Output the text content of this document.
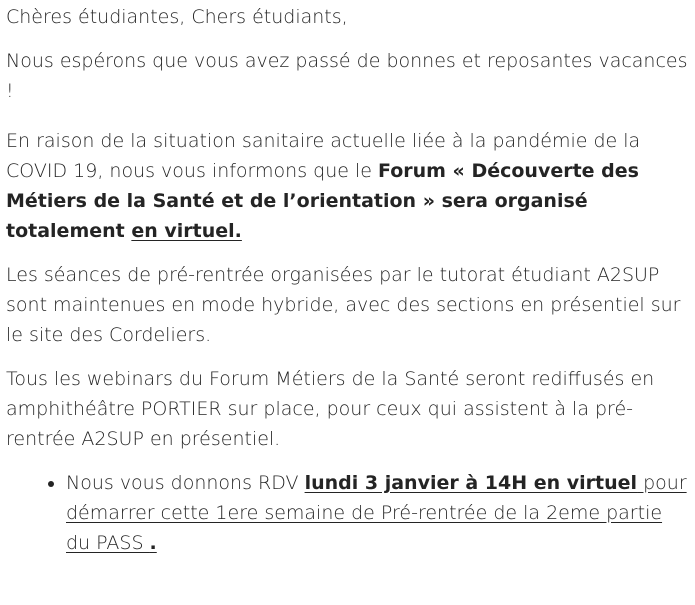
Chères étudiantes, Chers étudiants,

Nous espérons que vous avez passé de bonnes et reposantes vacances !

En raison de la situation sanitaire actuelle liée à la pandémie de la COVID 19, nous vous informons que le Forum « Découverte des Métiers de la Santé et de l’orientation » sera organisé totalement en virtuel.

Les séances de pré-rentrée organisées par le tutorat étudiant A2SUP sont maintenues en mode hybride, avec des sections en présentiel sur le site des Cordeliers.

Tous les webinars du Forum Métiers de la Santé seront rediffusés en amphithéâtre PORTIER sur place, pour ceux qui assistent à la pré-rentrée A2SUP en présentiel.

• Nous vous donnons RDV lundi 3 janvier à 14H en virtuel pour démarrer cette 1ere semaine de Pré-rentrée de la 2eme partie du PASS .
